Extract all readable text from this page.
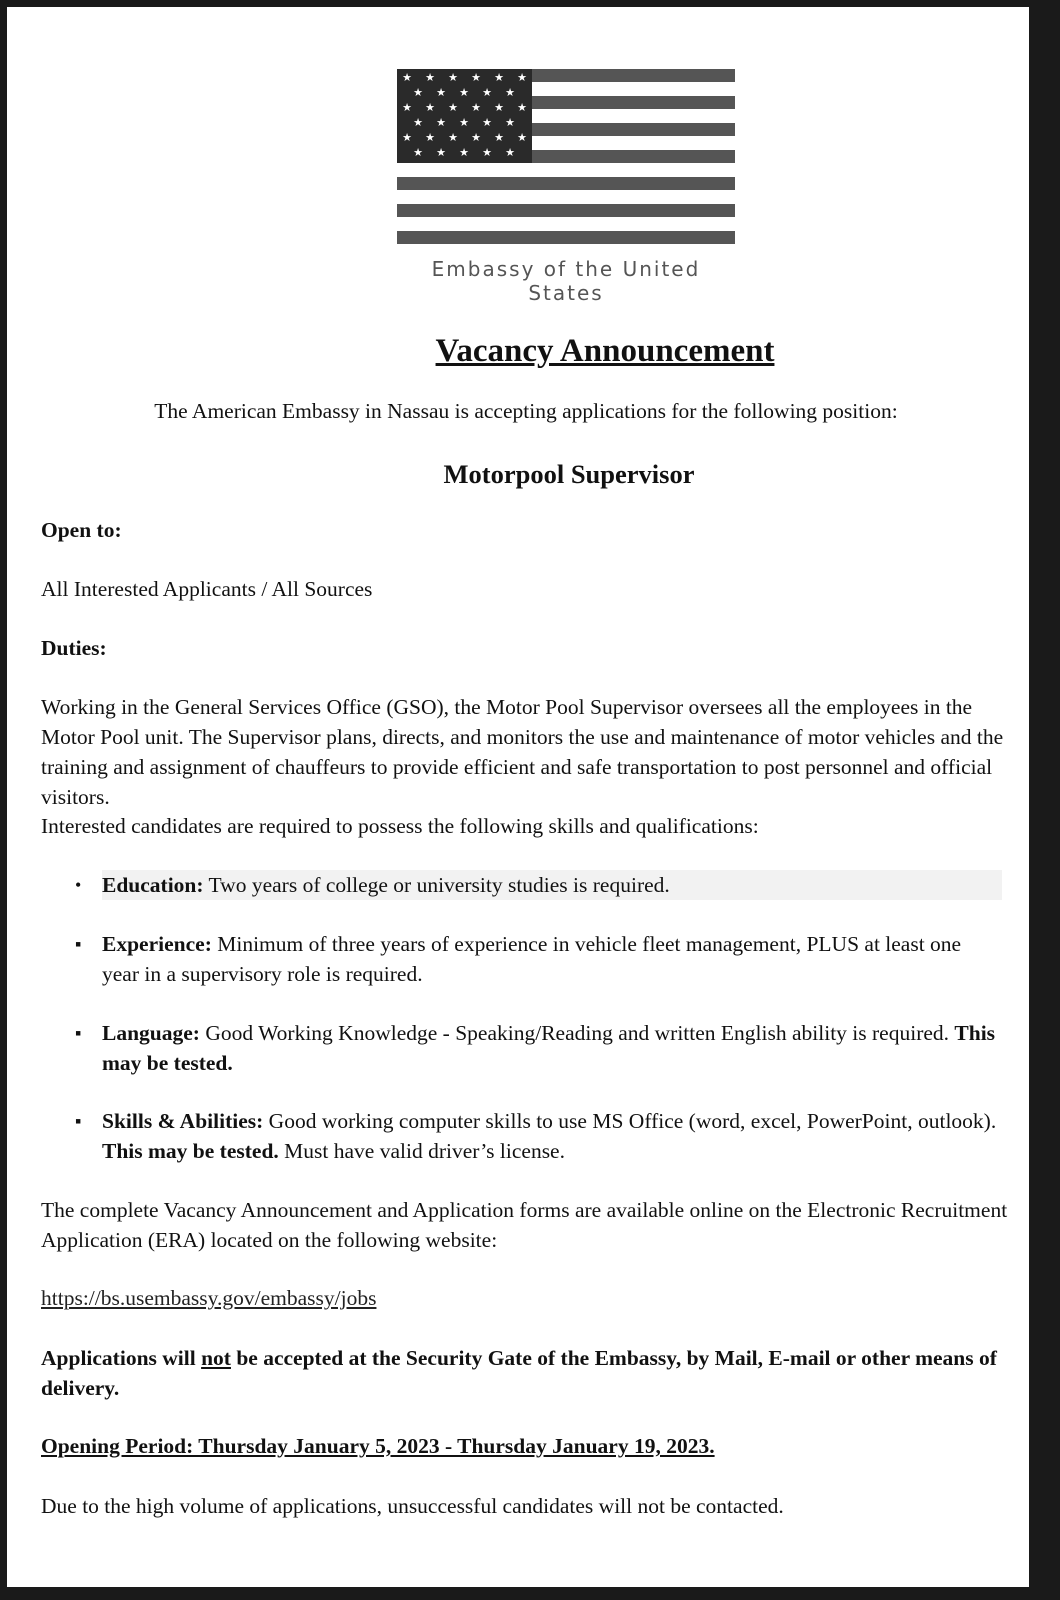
★ ★ ★ ★ ★ ★
★ ★ ★ ★ ★
★ ★ ★ ★ ★ ★
★ ★ ★ ★ ★
★ ★ ★ ★ ★ ★
★ ★ ★ ★ ★
Embassy of the United States
Vacancy Announcement
The American Embassy in Nassau is accepting applications for the following position:
Motorpool Supervisor
Open to:
All Interested Applicants / All Sources
Duties:
Working in the General Services Office (GSO), the Motor Pool Supervisor oversees all the employees in the Motor Pool unit. The Supervisor plans, directs, and monitors the use and maintenance of motor vehicles and the training and assignment of chauffeurs to provide efficient and safe transportation to post personnel and official visitors.
Interested candidates are required to possess the following skills and qualifications:
• Education: Two years of college or university studies is required.
▪ Experience: Minimum of three years of experience in vehicle fleet management, PLUS at least one year in a supervisory role is required.
▪ Language: Good Working Knowledge - Speaking/Reading and written English ability is required. This may be tested.
▪ Skills & Abilities: Good working computer skills to use MS Office (word, excel, PowerPoint, outlook). This may be tested. Must have valid driver’s license.
The complete Vacancy Announcement and Application forms are available online on the Electronic Recruitment Application (ERA) located on the following website:
https://bs.usembassy.gov/embassy/jobs
Applications will not be accepted at the Security Gate of the Embassy, by Mail, E-mail or other means of delivery.
Opening Period: Thursday January 5, 2023 - Thursday January 19, 2023.
Due to the high volume of applications, unsuccessful candidates will not be contacted.
